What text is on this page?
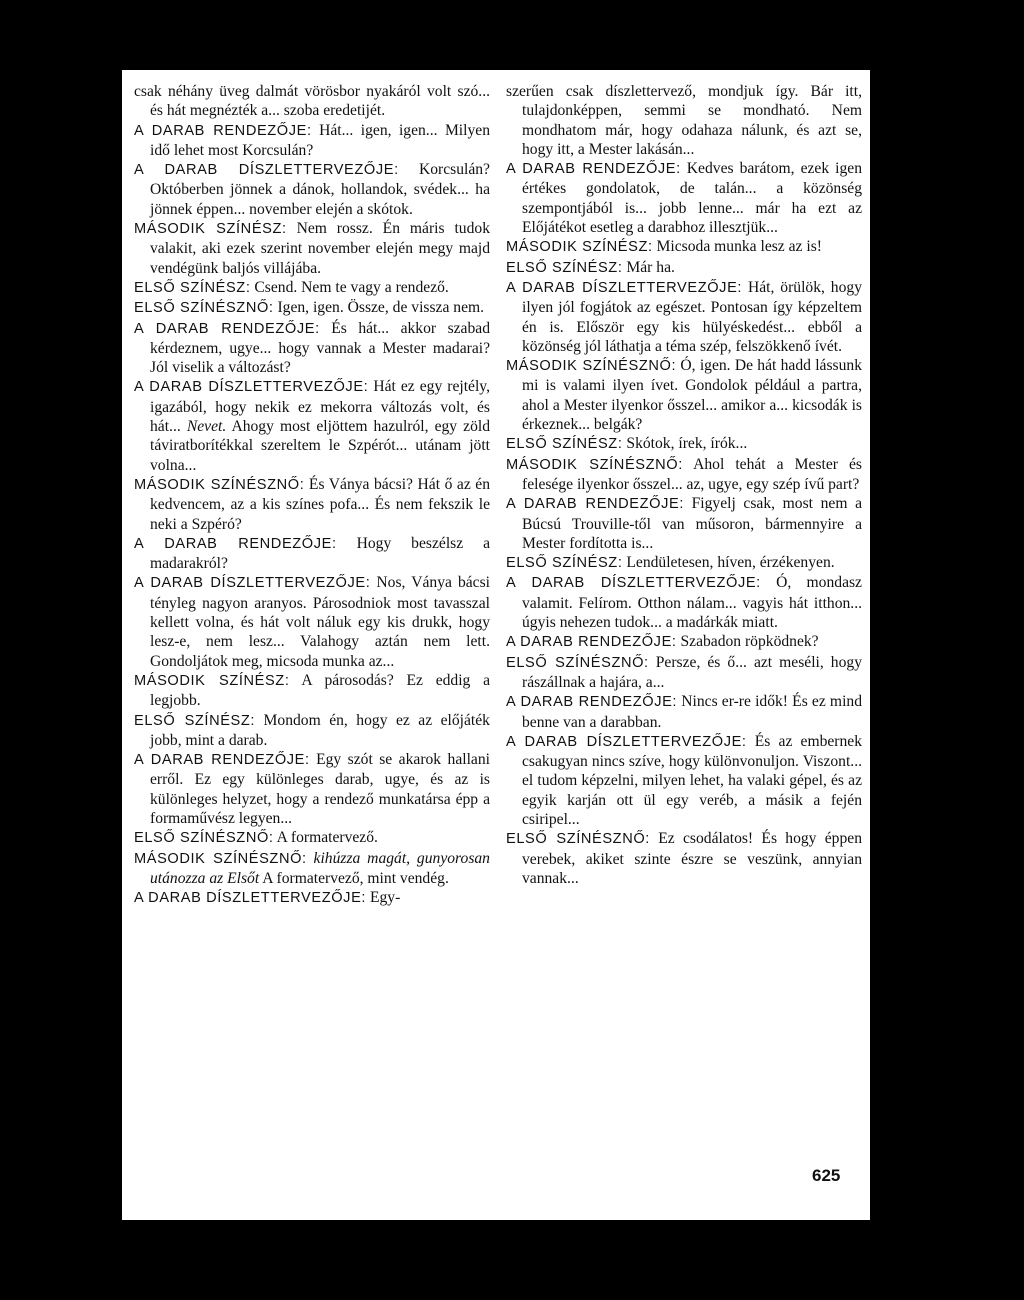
csak néhány üveg dalmát vörösbor nyakáról volt szó... és hát megnézték a... szoba eredetijét.

A DARAB RENDEZŐJE: Hát... igen, igen... Milyen idő lehet most Korcsulán?

A DARAB DÍSZLETTERVEZŐJE: Korcsulán? Októberben jönnek a dánok, hollandok, svédek... ha jönnek éppen... november elején a skótok.

MÁSODIK SZÍNÉSZ: Nem rossz. Én máris tudok valakit, aki ezek szerint november elején megy majd vendégünk baljós villájába.

ELSŐ SZÍNÉSZ: Csend. Nem te vagy a rendező.

ELSŐ SZÍNÉSZNŐ: Igen, igen. Össze, de vissza nem.

A DARAB RENDEZŐJE: És hát... akkor szabad kérdeznem, ugye... hogy vannak a Mester madarai? Jól viselik a változást?

A DARAB DÍSZLETTERVEZŐJE: Hát ez egy rejtély, igazából, hogy nekik ez mekorra változás volt, és hát... Nevet. Ahogy most eljöttem hazulról, egy zöld táviratborítékkal szereltem le Szpérót... utánam jött volna...

MÁSODIK SZÍNÉSZNŐ: És Ványa bácsi? Hát ő az én kedvencem, az a kis színes pofa... És nem fekszik le neki a Szpéró?

A DARAB RENDEZŐJE: Hogy beszélsz a madarakról?

A DARAB DÍSZLETTERVEZŐJE: Nos, Ványa bácsi tényleg nagyon aranyos. Párosodniok most tavasszal kellett volna, és hát volt náluk egy kis drukk, hogy lesz-e, nem lesz... Valahogy aztán nem lett. Gondoljátok meg, micsoda munka az...

MÁSODIK SZÍNÉSZ: A párosodás? Ez eddig a legjobb.

ELSŐ SZÍNÉSZ: Mondom én, hogy ez az előjáték jobb, mint a darab.

A DARAB RENDEZŐJE: Egy szót se akarok hallani erről. Ez egy különleges darab, ugye, és az is különleges helyzet, hogy a rendező munkatársa épp a formaművész legyen...

ELSŐ SZÍNÉSZNŐ: A formatervező.

MÁSODIK SZÍNÉSZNŐ: kihúzza magát, gunyorosan utánozza az Elsőt A formatervező, mint vendég.

A DARAB DÍSZLETTERVEZŐJE: Egy-

szerűen csak díszlettervező, mondjuk így. Bár itt, tulajdonképpen, semmi se mondható. Nem mondhatom már, hogy odahaza nálunk, és azt se, hogy itt, a Mester lakásán...

A DARAB RENDEZŐJE: Kedves barátom, ezek igen értékes gondolatok, de talán... a közönség szempontjából is... jobb lenne... már ha ezt az Előjátékot esetleg a darabhoz illesztjük...

MÁSODIK SZÍNÉSZ: Micsoda munka lesz az is!

ELSŐ SZÍNÉSZ: Már ha.

A DARAB DÍSZLETTERVEZŐJE: Hát, örülök, hogy ilyen jól fogjátok az egészet. Pontosan így képzeltem én is. Először egy kis hülyéskedést... ebből a közönség jól láthatja a téma szép, felszökkenő ívét.

MÁSODIK SZÍNÉSZNŐ: Ó, igen. De hát hadd lássunk mi is valami ilyen ívet. Gondolok például a partra, ahol a Mester ilyenkor ősszel... amikor a... kicsodák is érkeznek... belgák?

ELSŐ SZÍNÉSZ: Skótok, írek, írók...

MÁSODIK SZÍNÉSZNŐ: Ahol tehát a Mester és felesége ilyenkor ősszel... az, ugye, egy szép ívű part?

A DARAB RENDEZŐJE: Figyelj csak, most nem a Búcsú Trouville-től van műsoron, bármennyire a Mester fordította is...

ELSŐ SZÍNÉSZ: Lendületesen, híven, érzékenyen.

A DARAB DÍSZLETTERVEZŐJE: Ó, mondasz valamit. Felírom. Otthon nálam... vagyis hát itthon... úgyis nehezen tudok... a madárkák miatt.

A DARAB RENDEZŐJE: Szabadon röpködnek?

ELSŐ SZÍNÉSZNŐ: Persze, és ő... azt meséli, hogy rászállnak a hajára, a...

A DARAB RENDEZŐJE: Nincs er-re idők! És ez mind benne van a darabban.

A DARAB DÍSZLETTERVEZŐJE: És az embernek csakugyan nincs szíve, hogy különvonuljon. Viszont... el tudom képzelni, milyen lehet, ha valaki gépel, és az egyik karján ott ül egy veréb, a másik a fején csiripel...

ELSŐ SZÍNÉSZNŐ: Ez csodálatos! És hogy éppen verebek, akiket szinte észre se veszünk, annyian vannak...

625
